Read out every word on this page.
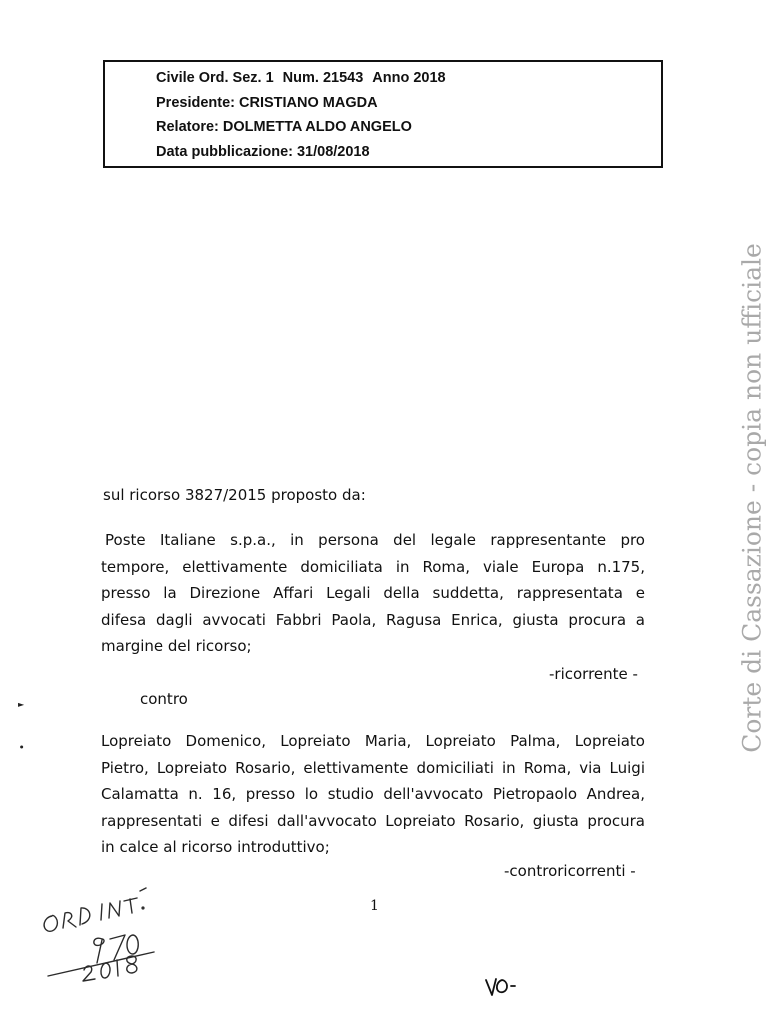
Civile Ord. Sez. 1 Num. 21543 Anno 2018
Presidente: CRISTIANO MAGDA
Relatore: DOLMETTA ALDO ANGELO
Data pubblicazione: 31/08/2018
Corte di Cassazione - copia non ufficiale
sul ricorso 3827/2015 proposto da:
Poste Italiane s.p.a., in persona del legale rappresentante pro
tempore, elettivamente domiciliata in Roma, viale Europa n.175,
presso la Direzione Affari Legali della suddetta, rappresentata e
difesa dagli avvocati Fabbri Paola, Ragusa Enrica, giusta procura a
margine del ricorso;
-ricorrente -
contro
Lopreiato Domenico, Lopreiato Maria, Lopreiato Palma, Lopreiato
Pietro, Lopreiato Rosario, elettivamente domiciliati in Roma, via Luigi
Calamatta n. 16, presso lo studio dell'avvocato Pietropaolo Andrea,
rappresentati e difesi dall'avvocato Lopreiato Rosario, giusta procura
in calce al ricorso introduttivo;
-controricorrenti -
1
►
●
